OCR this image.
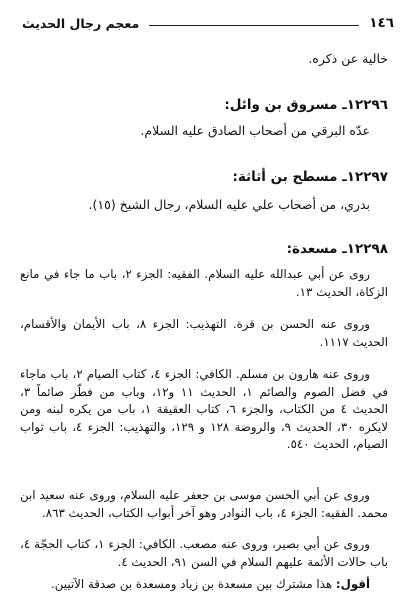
١٤٦
معجم رجال الحديث

خالية عن ذكره.

١٢٢٩٦ـ مسروق بن وائل:

عدّه البرقي من أصحاب الصادق عليه السلام.

١٢٢٩٧ـ مسطح بن أثاثة:

بدري، من أصحاب علي عليه السلام، رجال الشيخ (١٥).

١٢٢٩٨ـ مسعدة:

روى عن أبي عبدالله عليه السلام. الفقيه: الجزء ٢، باب ما جاء في مانع الزكاة، الحديث ١٣.

وروى عنه الحسن بن قرة. التهذيب: الجزء ٨، باب الأيمان والأقسام، الحديث ١١١٧.

وروى عنه هارون بن مسلم. الكافي: الجزء ٤، كتاب الصيام ٢، باب ماجاء في فضل الصوم والصائم ١، الحديث ١١ و١٢، وباب من فطّر صائماً ٣، الحديث ٤ من الكتاب، والجزء ٦، كتاب العقيقة ١، باب من يكره لبنه ومن لايكره ٣٠، الحديث ٩، والروضة ١٢٨ و ١٢٩، والتهذيب: الجزء ٤، باب ثواب الصيام، الحديث ٥٤٠.

وروى عن أبي الحسن موسى بن جعفر عليه السلام، وروى عنه سعيد ابن محمد. الفقيه: الجزء ٤، باب النوادر وهو آخر أبواب الكتاب، الحديث ٨٦٣.

وروى عن أبي بصير، وروى عنه مصعب. الكافي: الجزء ١، كتاب الحجّة ٤، باب حالات الأئمة عليهم السلام في السن ٩١، الحديث ٤.

أقول: هذا مشترك بين مسعدة بن زياد ومسعدة بن صدقة الآتيين.
